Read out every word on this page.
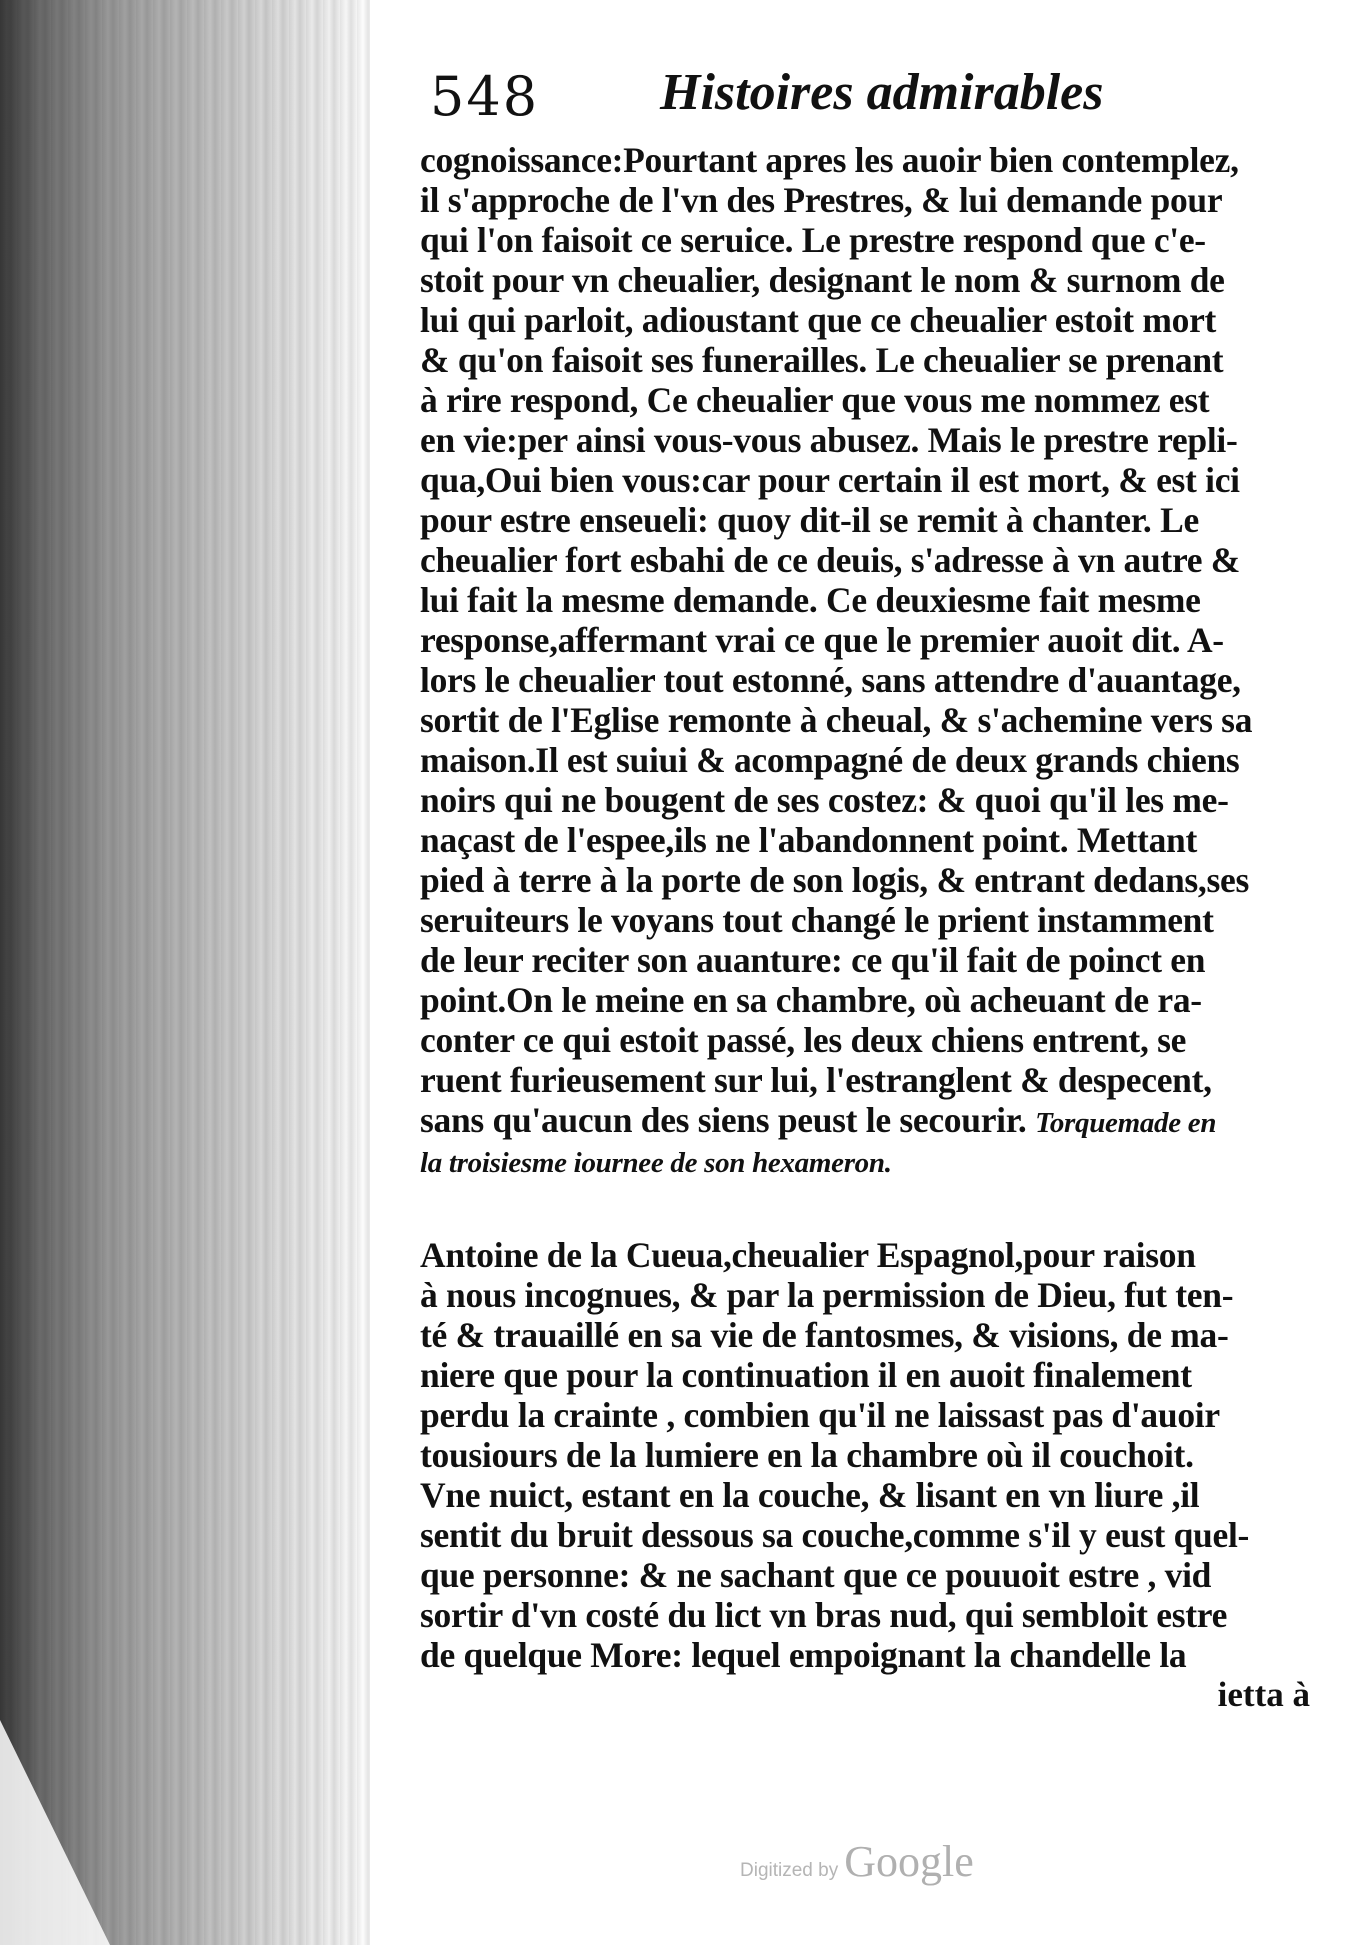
548 Histoires admirables
cognoissance:Pourtant apres les auoir bien contemplez,
il s'approche de l'vn des Prestres, & lui demande pour
qui l'on faisoit ce seruice. Le prestre respond que c'e-
stoit pour vn cheualier, designant le nom & surnom de
lui qui parloit, adioustant que ce cheualier estoit mort
& qu'on faisoit ses funerailles. Le cheualier se prenant
à rire respond, Ce cheualier que vous me nommez est
en vie:per ainsi vous-vous abusez. Mais le prestre repli-
qua,Oui bien vous:car pour certain il est mort, & est ici
pour estre enseueli: quoy dit-il se remit à chanter. Le
cheualier fort esbahi de ce deuis, s'adresse à vn autre &
lui fait la mesme demande. Ce deuxiesme fait mesme
response,affermant vrai ce que le premier auoit dit. A-
lors le cheualier tout estonné, sans attendre d'auantage,
sortit de l'Eglise remonte à cheual, & s'achemine vers sa
maison.Il est suiui & acompagné de deux grands chiens
noirs qui ne bougent de ses costez: & quoi qu'il les me-
naçast de l'espee,ils ne l'abandonnent point. Mettant
pied à terre à la porte de son logis, & entrant dedans,ses
seruiteurs le voyans tout changé le prient instamment
de leur reciter son auanture: ce qu'il fait de poinct en
point.On le meine en sa chambre, où acheuant de ra-
conter ce qui estoit passé, les deux chiens entrent, se
ruent furieusement sur lui, l'estranglent & despecent,
sans qu'aucun des siens peust le secourir. Torquemade en
la troisiesme iournee de son hexameron.
Antoine de la Cueua,cheualier Espagnol,pour raison
à nous incognues, & par la permission de Dieu, fut ten-
té & trauaillé en sa vie de fantosmes, & visions, de ma-
niere que pour la continuation il en auoit finalement
perdu la crainte , combien qu'il ne laissast pas d'auoir
tousiours de la lumiere en la chambre où il couchoit.
Vne nuict, estant en la couche, & lisant en vn liure ,il
sentit du bruit dessous sa couche,comme s'il y eust quel-
que personne: & ne sachant que ce pouuoit estre , vid
sortir d'vn costé du lict vn bras nud, qui sembloit estre
de quelque More: lequel empoignant la chandelle la
ietta à
Digitized by Google
